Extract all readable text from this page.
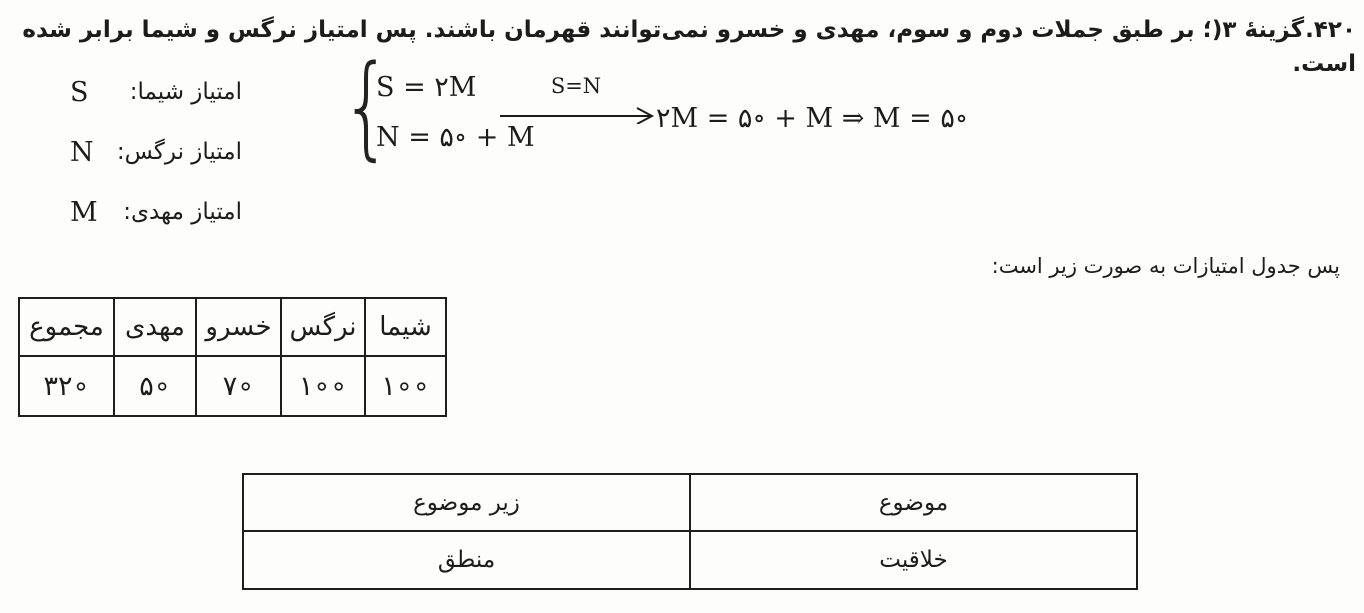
۴۲۰.گزینهٔ ۳(؛ بر طبق جملات دوم و سوم، مهدی و خسرو نمی‌توانند قهرمان باشند. پس امتیاز نرگس و شیما برابر شده است.
امتیاز شیما:
S
امتیاز نرگس:
N
امتیاز مهدی:
M
{
S = ۲M
N = ۵∘ + M
S=N
۲M = ۵∘ + M ⇒ M = ۵∘
پس جدول امتیازات به صورت زیر است:
شیما	نرگس	خسرو	مهدی	مجموع
۱∘∘	۱∘∘	۷∘	۵∘	۳۲∘
موضوع	زیر موضوع
خلاقیت	منطق
